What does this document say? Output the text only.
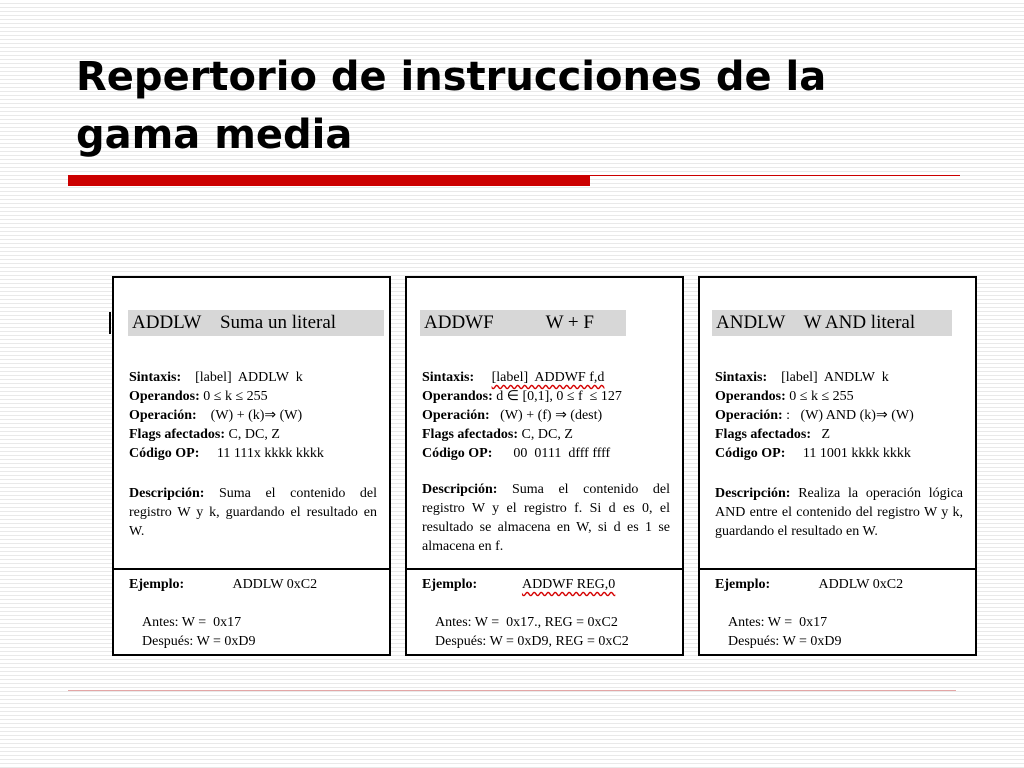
Repertorio de instrucciones de la
gama media
ADDLW    Suma un literal
Sintaxis: [label]  ADDLW  k
Operandos: 0 ≤ k ≤ 255
Operación: (W) + (k)⇒ (W)
Flags afectados: C, DC, Z
Código OP: 11 111x kkkk kkkk
Descripción: Suma el contenido del registro W y k, guardando el resultado en W.
Ejemplo:	ADDLW 0xC2
Antes: W =  0x17
Después: W = 0xD9
ADDWF           W + F
Sintaxis: [label]  ADDWF f,d
Operandos: d ∈ [0,1], 0 ≤ f  ≤ 127
Operación: (W) + (f) ⇒ (dest)
Flags afectados: C, DC, Z
Código OP: 00  0111  dfff ffff
Descripción: Suma el contenido del registro W y el registro f. Si d es 0, el resultado se almacena en W, si d es 1 se almacena en f.
Ejemplo:	ADDWF REG,0
Antes: W =  0x17., REG = 0xC2
Después: W = 0xD9, REG = 0xC2
ANDLW    W AND literal
Sintaxis: [label]  ANDLW  k
Operandos: 0 ≤ k ≤ 255
Operación: :   (W) AND (k)⇒ (W)
Flags afectados: Z
Código OP: 11 1001 kkkk kkkk
Descripción: Realiza la operación lógica AND entre el contenido del registro W y k, guardando el resultado en W.
Ejemplo:	ADDLW 0xC2
Antes: W =  0x17
Después: W = 0xD9
